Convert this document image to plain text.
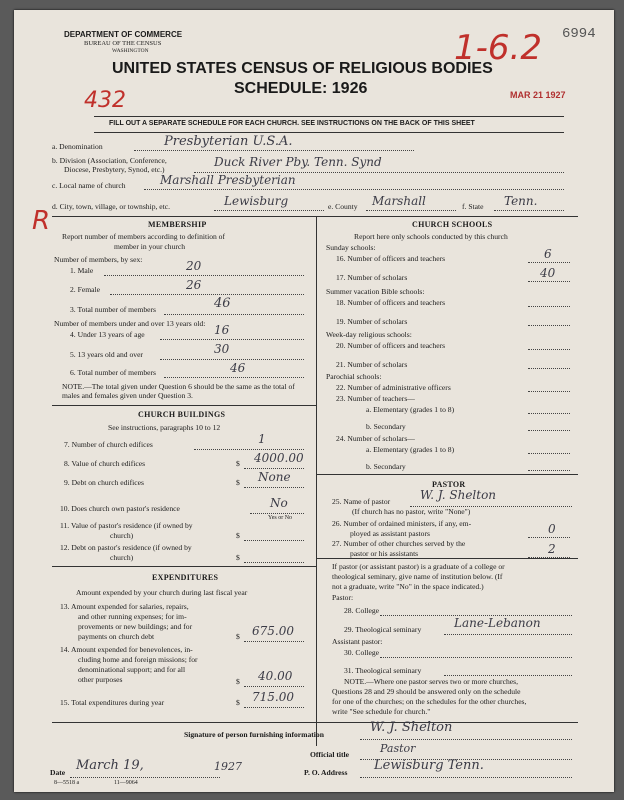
DEPARTMENT OF COMMERCE
BUREAU OF THE CENSUS
WASHINGTON
UNITED STATES CENSUS OF RELIGIOUS BODIES
SCHEDULE: 1926
FILL OUT A SEPARATE SCHEDULE FOR EACH CHURCH. SEE INSTRUCTIONS ON THE BACK OF THIS SHEET
6994
MAR 21 1927
432
1-6.2
a. Denomination	Presbyterian U.S.A.
b. Division (Association, Conference,
Diocese, Presbytery, Synod, etc.)
Duck River Pby. Tenn. Synd
c. Local name of church	Marshall Presbyterian
d. City, town, village, or township, etc.	Lewisburg	e. County Marshall	f. State Tenn.
R	MEMBERSHIP
Report number of members according to definition of
member in your church
Number of members, by sex:
1. Male	20
2. Female	26
3. Total number of members	46
Number of members under and over 13 years old:
4. Under 13 years of age	16
5. 13 years old and over	30
6. Total number of members	46
NOTE.—The total given under Question 6 should be the same as the total of males and females given under Question 3.
CHURCH BUILDINGS
See instructions, paragraphs 10 to 12
7. Number of church edifices	1
8. Value of church edifices	$ 4000.00
9. Debt on church edifices	$ None
10. Does church own pastor's residence	No
Yes or No
11. Value of pastor's residence (if owned by
church)	$
12. Debt on pastor's residence (if owned by
church)	$
EXPENDITURES
Amount expended by your church during last fiscal year
13. Amount expended for salaries, repairs,
and other running expenses; for im-
provements or new buildings; and for
payments on church debt	$ 675.00
14. Amount expended for benevolences, in-
cluding home and foreign missions; for
denominational support; and for all
other purposes	$ 40.00
15. Total expenditures during year	$ 715.00
CHURCH SCHOOLS
Report here only schools conducted by this church
Sunday schools:
16. Number of officers and teachers	6
17. Number of scholars	40
Summer vacation Bible schools:
18. Number of officers and teachers
19. Number of scholars
Week-day religious schools:
20. Number of officers and teachers
21. Number of scholars
Parochial schools:
22. Number of administrative officers
23. Number of teachers—
a. Elementary (grades 1 to 8)
b. Secondary
24. Number of scholars—
a. Elementary (grades 1 to 8)
b. Secondary
PASTOR
25. Name of pastor W. J. Shelton
(If church has no pastor, write "None")
26. Number of ordained ministers, if any, em-
ployed as assistant pastors	0
27. Number of other churches served by the
pastor or his assistants	2
If pastor (or assistant pastor) is a graduate of a college or
theological seminary, give name of institution below. (If
not a graduate, write "No" in the space indicated.)
Pastor:
28. College
29. Theological seminary	Lane-Lebanon
Assistant pastor:
30. College
31. Theological seminary
NOTE.—Where one pastor serves two or more churches,
Questions 28 and 29 should be answered only on the schedule
for one of the churches; on the schedules for the other churches,
write "See schedule for church."
Signature of person furnishing information	W. J. Shelton
Official title	Pastor
Date March 19,	1927	P. O. Address Lewisburg Tenn.
8—5518 a	11—9064
